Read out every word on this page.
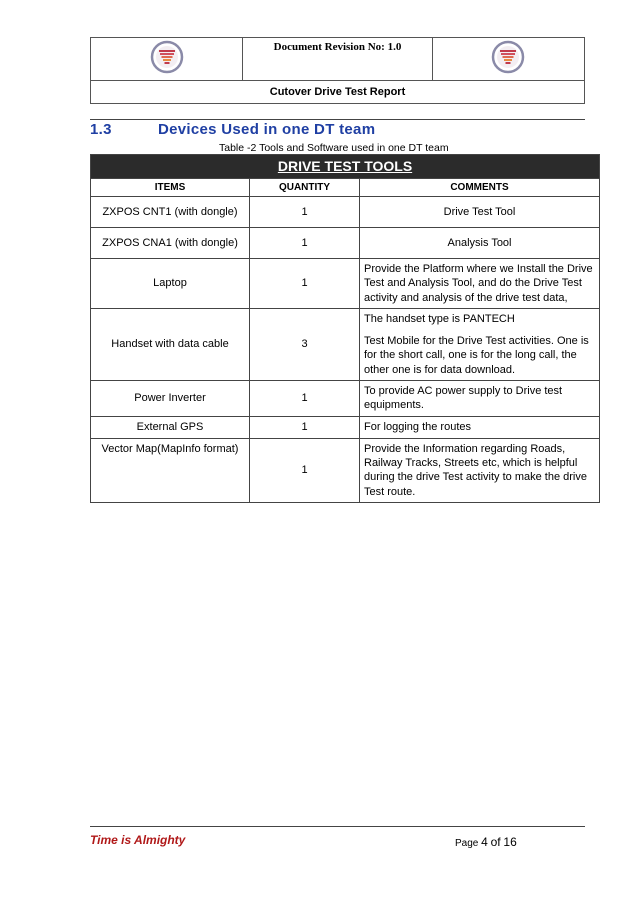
	Document Revision No: 1.0	
Cutover Drive Test Report
1.3	Devices Used in one DT team
Table -2 Tools and Software used in one DT team
DRIVE TEST TOOLS		
ITEMS	QUANTITY	COMMENTS
ZXPOS CNT1 (with dongle)	1	Drive Test Tool
ZXPOS CNA1 (with dongle)	1	Analysis Tool
Laptop	1	Provide the Platform where we Install the Drive Test and Analysis Tool, and do the Drive Test activity and analysis of the drive test data,
Handset with data cable	3	The handset type is PANTECH

Test Mobile for the Drive Test activities. One is for the short call, one is for the long call, the other one is for data download.

Power Inverter	1	To provide AC power supply to Drive test equipments.
External GPS	1	For logging the routes
Vector Map(MapInfo format)	1	Provide the Information regarding Roads, Railway Tracks, Streets etc, which is helpful during the drive Test activity to make the drive Test route.
Time is Almighty	Page 4 of 16
